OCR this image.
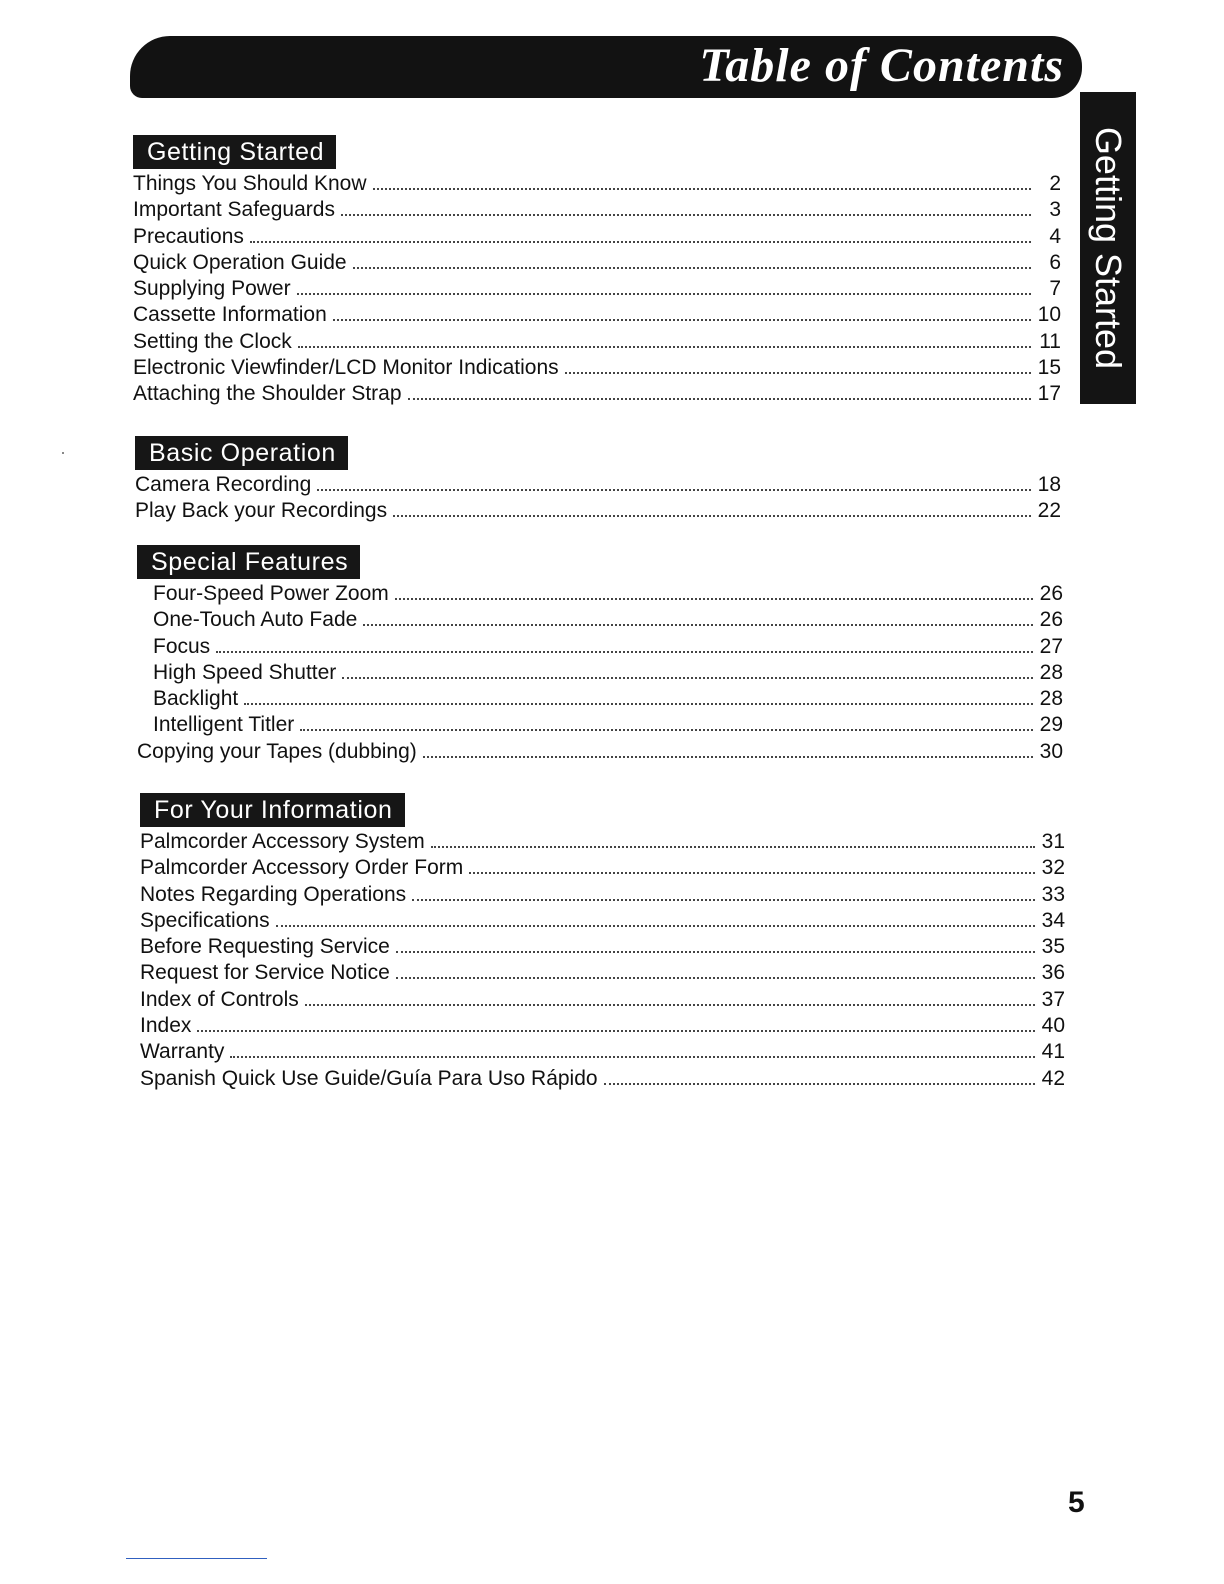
Table of Contents
Getting Started
Getting Started
Things You Should Know	2
Important Safeguards	3
Precautions	4
Quick Operation Guide	6
Supplying Power	7
Cassette Information	10
Setting the Clock	11
Electronic Viewfinder/LCD Monitor Indications	15
Attaching the Shoulder Strap	17
Basic Operation
Camera Recording	18
Play Back your Recordings	22
Special Features
Four-Speed Power Zoom	26
One-Touch Auto Fade	26
Focus	27
High Speed Shutter	28
Backlight	28
Intelligent Titler	29
Copying your Tapes (dubbing)	30
For Your Information
Palmcorder Accessory System	31
Palmcorder Accessory Order Form	32
Notes Regarding Operations	33
Specifications	34
Before Requesting Service	35
Request for Service Notice	36
Index of Controls	37
Index	40
Warranty	41
Spanish Quick Use Guide/Guía Para Uso Rápido	42
5
